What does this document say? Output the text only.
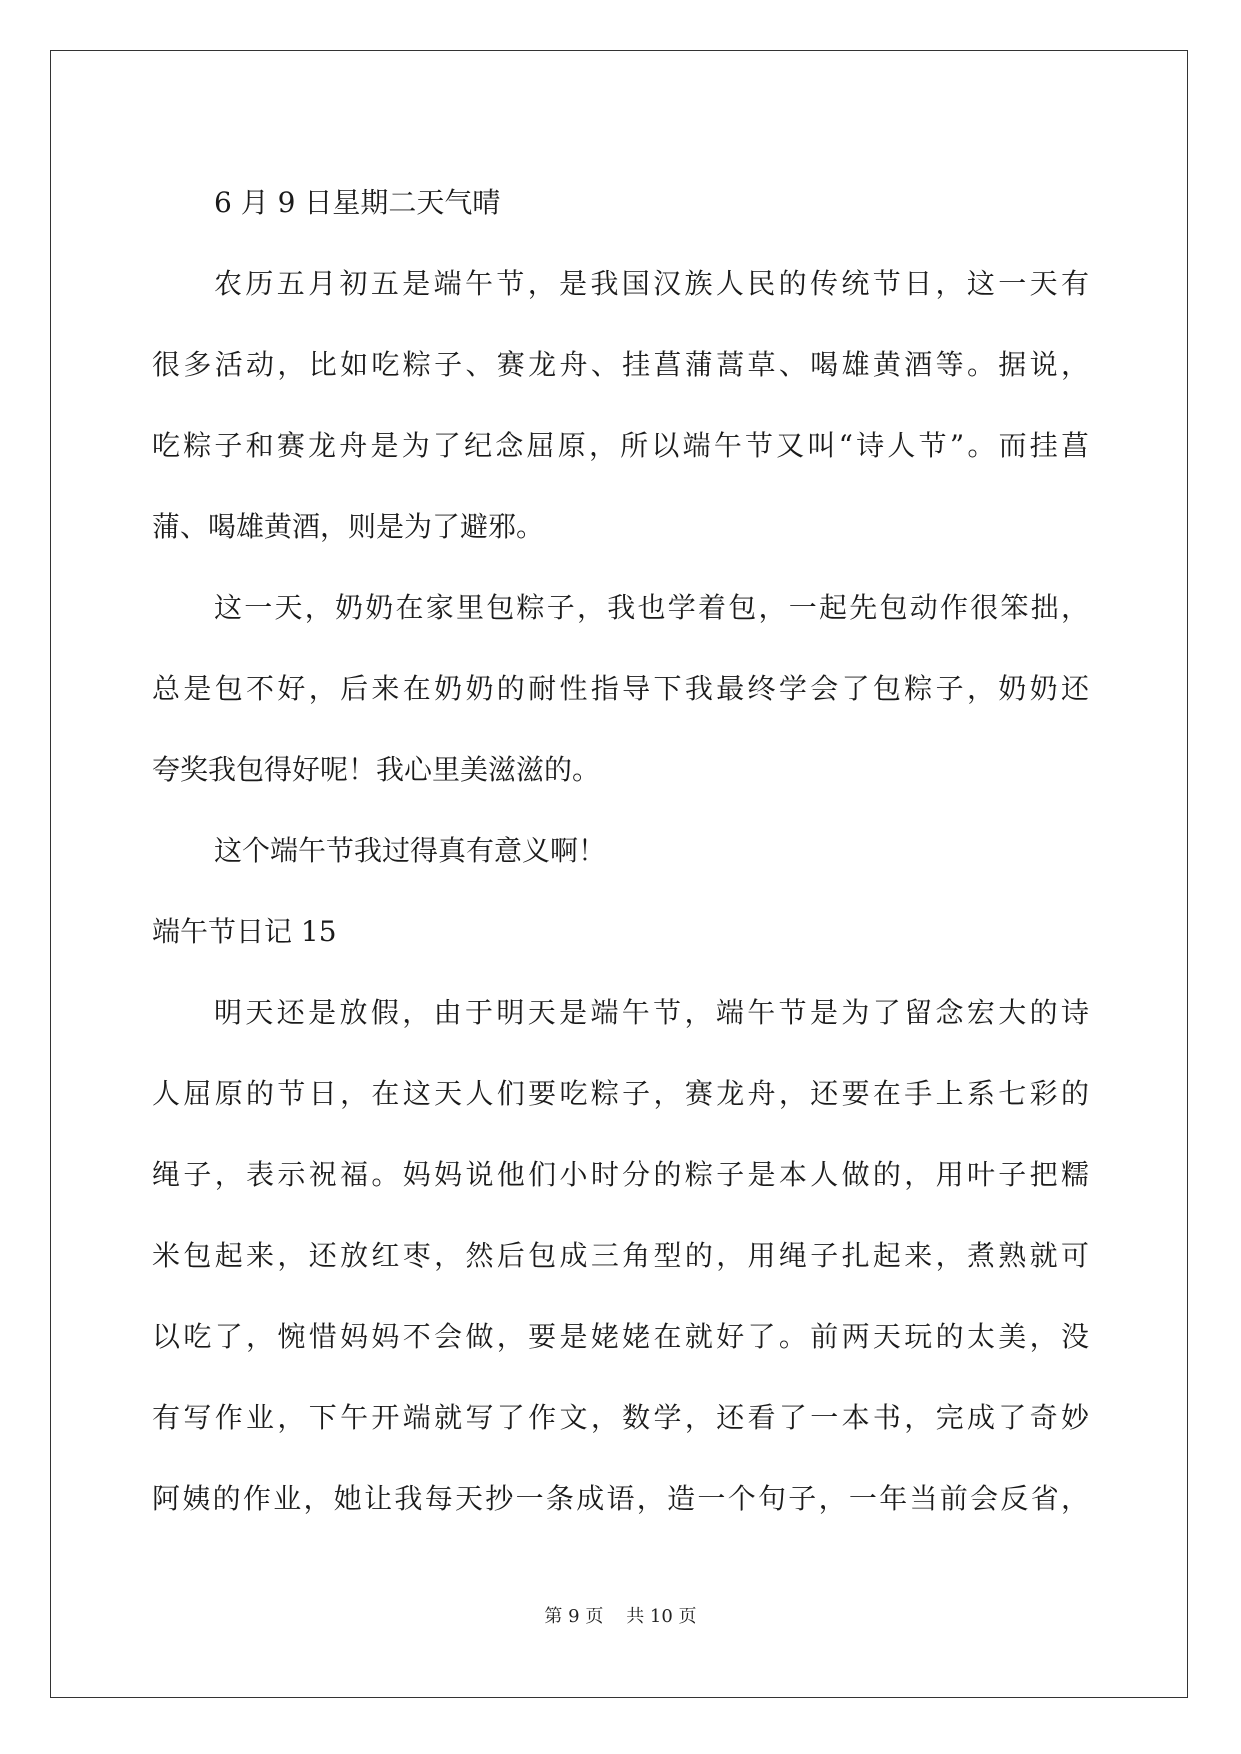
6 月 9 日星期二天气晴
农历五月初五是端午节，是我国汉族人民的传统节日，这一天有
很多活动，比如吃粽子、赛龙舟、挂菖蒲蒿草、喝雄黄酒等。据说，
吃粽子和赛龙舟是为了纪念屈原，所以端午节又叫“诗人节”。而挂菖
蒲、喝雄黄酒，则是为了避邪。
这一天，奶奶在家里包粽子，我也学着包，一起先包动作很笨拙，
总是包不好，后来在奶奶的耐性指导下我最终学会了包粽子，奶奶还
夸奖我包得好呢！我心里美滋滋的。
这个端午节我过得真有意义啊！
端午节日记 15
明天还是放假，由于明天是端午节，端午节是为了留念宏大的诗
人屈原的节日，在这天人们要吃粽子，赛龙舟，还要在手上系七彩的
绳子，表示祝福。妈妈说他们小时分的粽子是本人做的，用叶子把糯
米包起来，还放红枣，然后包成三角型的，用绳子扎起来，煮熟就可
以吃了，惋惜妈妈不会做，要是姥姥在就好了。前两天玩的太美，没
有写作业，下午开端就写了作文，数学，还看了一本书，完成了奇妙
阿姨的作业，她让我每天抄一条成语，造一个句子，一年当前会反省，
第 9 页    共 10 页
